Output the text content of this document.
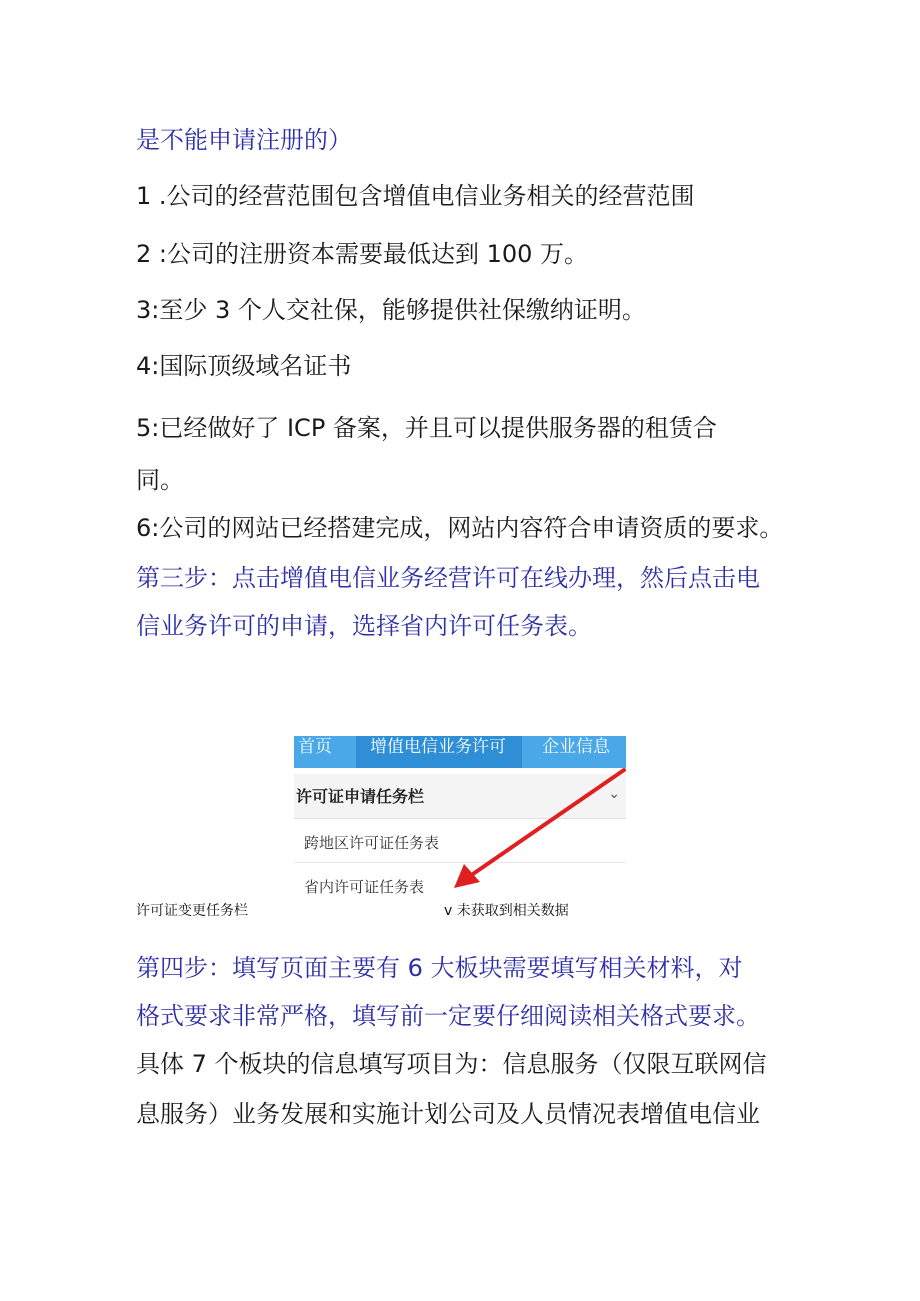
是不能申请注册的）

1 .公司的经营范围包含增值电信业务相关的经营范围

2 :公司的注册资本需要最低达到 100 万。

3:至少 3 个人交社保，能够提供社保缴纳证明。

4:国际顶级域名证书

5:已经做好了 ICP 备案，并且可以提供服务器的租赁合

同。

6:公司的网站已经搭建完成，网站内容符合申请资质的要求。

第三步：点击增值电信业务经营许可在线办理，然后点击电

信业务许可的申请，选择省内许可任务表。

首页 增值电信业务许可 企业信息
许可证申请任务栏	⌄
跨地区许可证任务表
省内许可证任务表
许可证变更任务栏	v 未获取到相关数据

第四步：填写页面主要有 6 大板块需要填写相关材料，对

格式要求非常严格，填写前一定要仔细阅读相关格式要求。

具体 7 个板块的信息填写项目为：信息服务（仅限互联网信

息服务）业务发展和实施计划公司及人员情况表增值电信业
